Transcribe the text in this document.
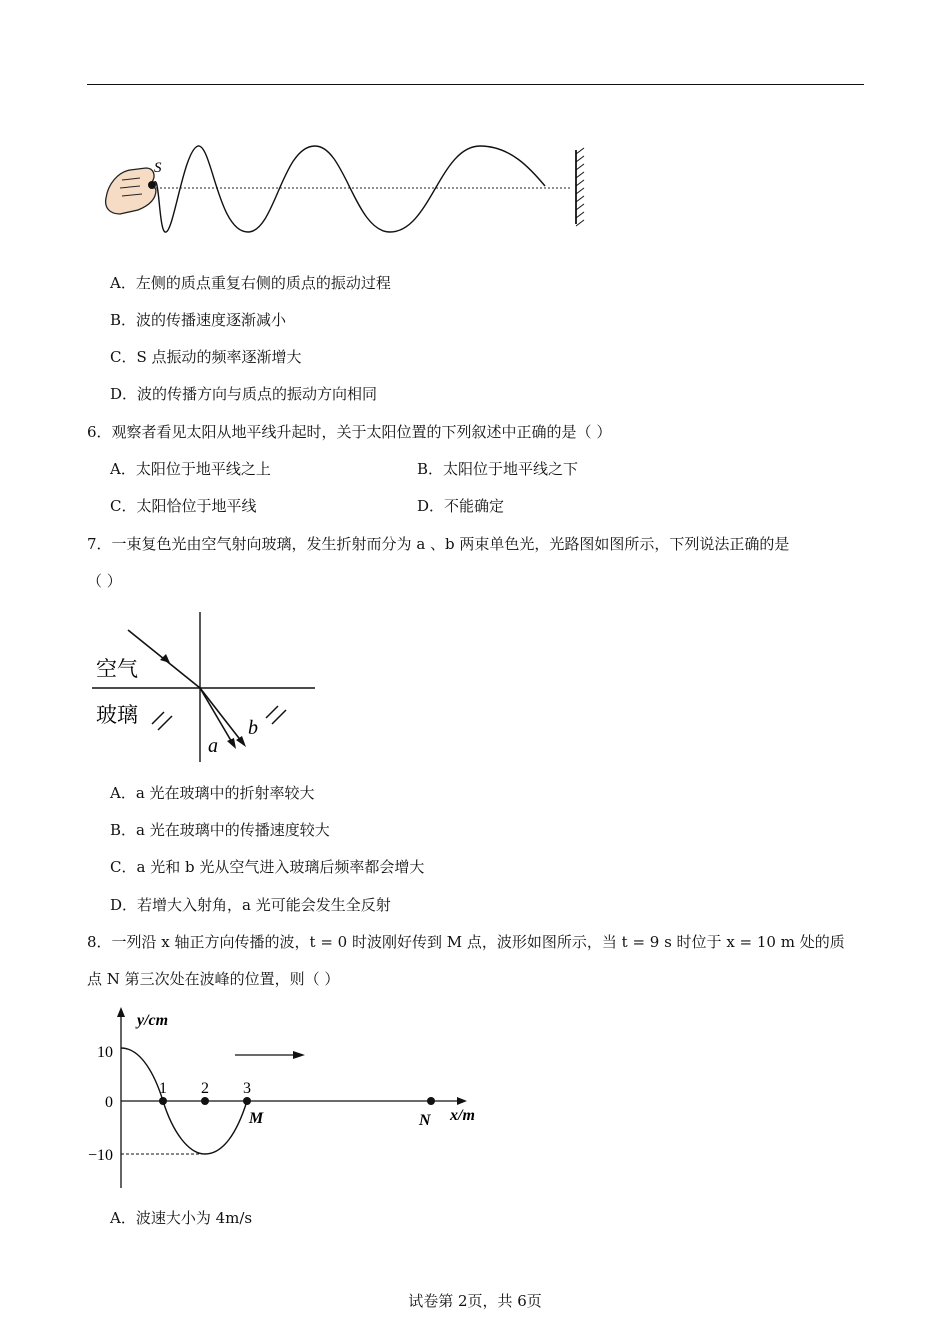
S
A．左侧的质点重复右侧的质点的振动过程
B．波的传播速度逐渐减小
C．S 点振动的频率逐渐增大
D．波的传播方向与质点的振动方向相同
6．观察者看见太阳从地平线升起时，关于太阳位置的下列叙述中正确的是（ ）
A．太阳位于地平线之上	B．太阳位于地平线之下
C．太阳恰位于地平线	D．不能确定
7．一束复色光由空气射向玻璃，发生折射而分为 a 、b 两束单色光，光路图如图所示，下列说法正确的是
（ ）
空气
玻璃
a
b
A．a 光在玻璃中的折射率较大
B．a 光在玻璃中的传播速度较大
C．a 光和 b 光从空气进入玻璃后频率都会增大
D．若增大入射角，a 光可能会发生全反射
8．一列沿 x 轴正方向传播的波，t = 0 时波刚好传到 M 点，波形如图所示，当 t = 9 s 时位于 x = 10 m 处的质
点 N 第三次处在波峰的位置，则（ ）
y/cm
x/m
10
0
−10
1 2 3
M	N
A．波速大小为 4m/s
试卷第 2页，共 6页
